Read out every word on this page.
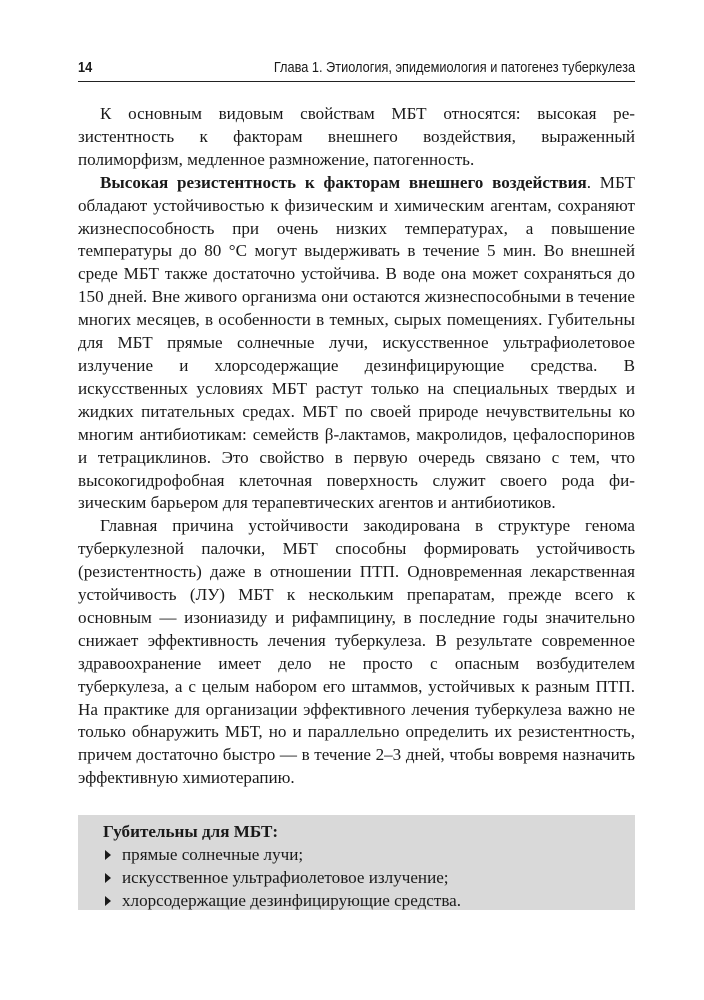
14	Глава 1. Этиология, эпидемиология и патогенез туберкулеза

К основным видовым свойствам МБТ относятся: высокая резистентность к факторам внешнего воздействия, выраженный полиморфизм, медленное размножение, патогенность.

Высокая резистентность к факторам внешнего воздействия. МБТ обладают устойчивостью к физическим и химическим агентам, сохраняют жизнеспособность при очень низких температурах, а повышение температуры до 80 °С могут выдерживать в течение 5 мин. Во внешней среде МБТ также достаточно устойчива. В воде она может сохраняться до 150 дней. Вне живого организма они остаются жизнеспособными в течение многих месяцев, в особенности в темных, сырых помещениях. Губительны для МБТ прямые солнечные лучи, искусственное ультрафиолетовое излучение и хлорсодержащие дезинфицирующие средства. В искусственных условиях МБТ растут только на специальных твердых и жидких питательных средах. МБТ по своей природе нечувствительны ко многим антибиотикам: семейств β-лактамов, макролидов, цефалоспоринов и тетрациклинов. Это свойство в первую очередь связано с тем, что высокогидрофобная клеточная поверхность служит своего рода физическим барьером для терапевтических агентов и антибиотиков.

Главная причина устойчивости закодирована в структуре генома туберкулезной палочки, МБТ способны формировать устойчивость (резистентность) даже в отношении ПТП. Одновременная лекарственная устойчивость (ЛУ) МБТ к нескольким препаратам, прежде всего к основным — изониазиду и рифампицину, в последние годы значительно снижает эффективность лечения туберкулеза. В результате современное здравоохранение имеет дело не просто с опасным возбудителем туберкулеза, а с целым набором его штаммов, устойчивых к разным ПТП. На практике для организации эффективного лечения туберкулеза важно не только обнаружить МБТ, но и параллельно определить их резистентность, причем достаточно быстро — в течение 2–3 дней, чтобы вовремя назначить эффективную химиотерапию.

Губительны для МБТ:
прямые солнечные лучи;
искусственное ультрафиолетовое излучение;
хлорсодержащие дезинфицирующие средства.
